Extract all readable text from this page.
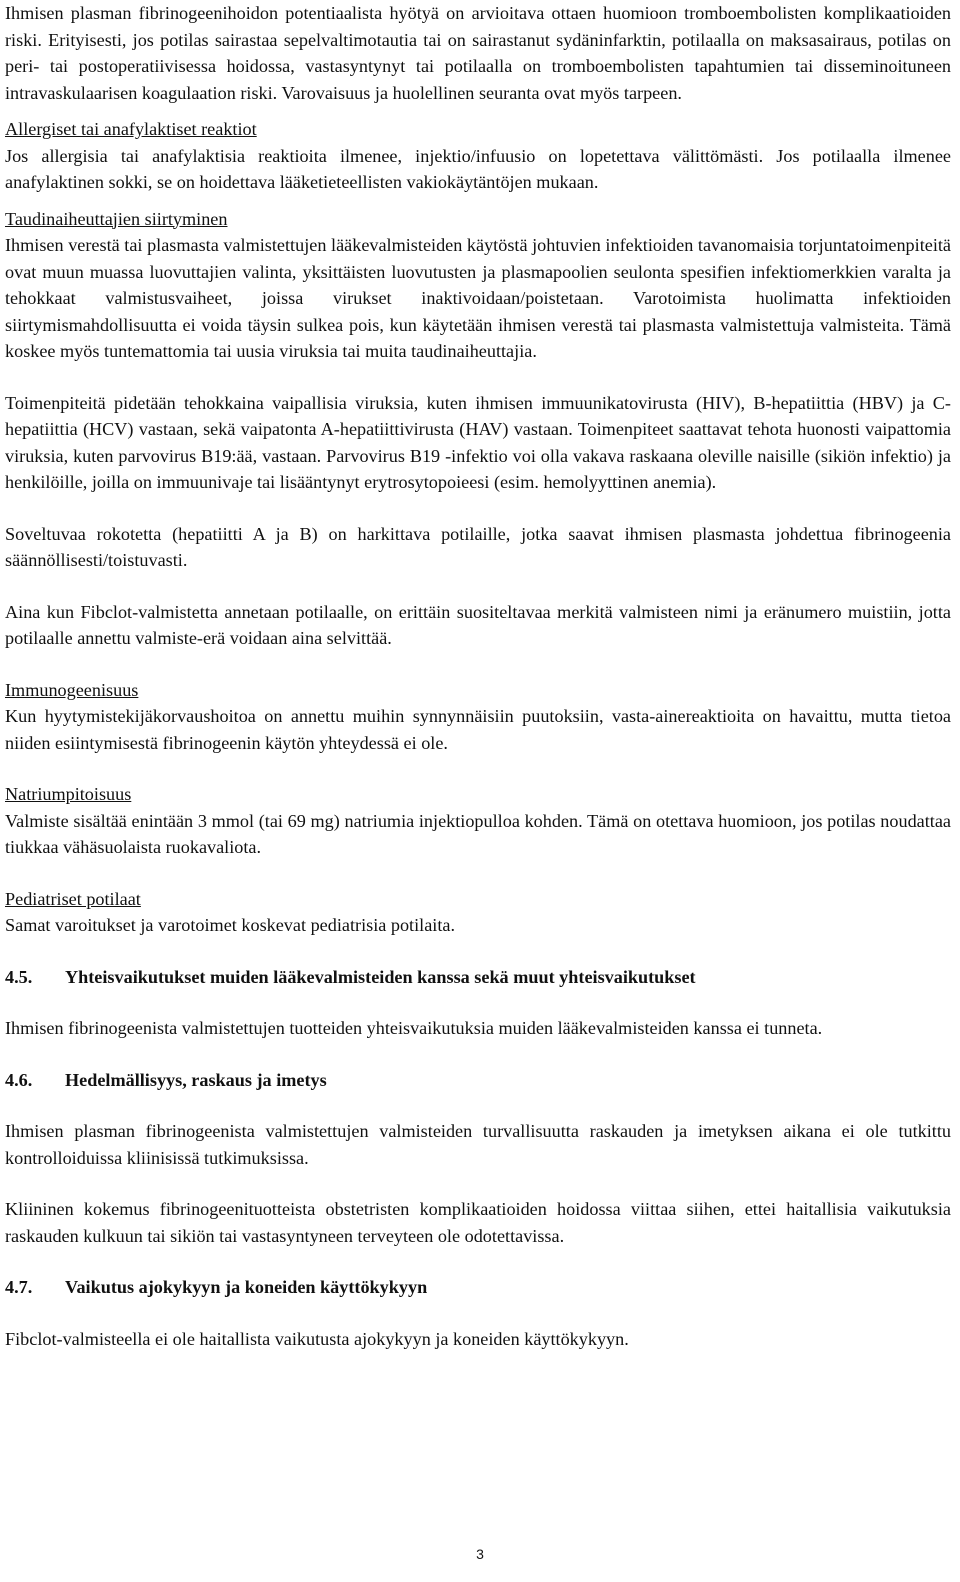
Ihmisen plasman fibrinogeenihoidon potentiaalista hyötyä on arvioitava ottaen huomioon tromboembolisten komplikaatioiden riski. Erityisesti, jos potilas sairastaa sepelvaltimotautia tai on sairastanut sydäninfarktin, potilaalla on maksasairaus, potilas on peri- tai postoperatiivisessa hoidossa, vastasyntynyt tai potilaalla on tromboembolisten tapahtumien tai disseminoituneen intravaskulaarisen koagulaation riski. Varovaisuus ja huolellinen seuranta ovat myös tarpeen.

Allergiset tai anafylaktiset reaktiot

Jos allergisia tai anafylaktisia reaktioita ilmenee, injektio/infuusio on lopetettava välittömästi. Jos potilaalla ilmenee anafylaktinen sokki, se on hoidettava lääketieteellisten vakiokäytäntöjen mukaan.

Taudinaiheuttajien siirtyminen

Ihmisen verestä tai plasmasta valmistettujen lääkevalmisteiden käytöstä johtuvien infektioiden tavanomaisia torjuntatoimenpiteitä ovat muun muassa luovuttajien valinta, yksittäisten luovutusten ja plasmapoolien seulonta spesifien infektiomerkkien varalta ja tehokkaat valmistusvaiheet, joissa virukset inaktivoidaan/poistetaan. Varotoimista huolimatta infektioiden siirtymismahdollisuutta ei voida täysin sulkea pois, kun käytetään ihmisen verestä tai plasmasta valmistettuja valmisteita. Tämä koskee myös tuntemattomia tai uusia viruksia tai muita taudinaiheuttajia.

Toimenpiteitä pidetään tehokkaina vaipallisia viruksia, kuten ihmisen immuunikatovirusta (HIV), B-hepatiittia (HBV) ja C-hepatiittia (HCV) vastaan, sekä vaipatonta A-hepatiittivirusta (HAV) vastaan. Toimenpiteet saattavat tehota huonosti vaipattomia viruksia, kuten parvovirus B19:ää, vastaan. Parvovirus B19 -infektio voi olla vakava raskaana oleville naisille (sikiön infektio) ja henkilöille, joilla on immuunivaje tai lisääntynyt erytrosytopoieesi (esim. hemolyyttinen anemia).

Soveltuvaa rokotetta (hepatiitti A ja B) on harkittava potilaille, jotka saavat ihmisen plasmasta johdettua fibrinogeenia säännöllisesti/toistuvasti.

Aina kun Fibclot-valmistetta annetaan potilaalle, on erittäin suositeltavaa merkitä valmisteen nimi ja eränumero muistiin, jotta potilaalle annettu valmiste-erä voidaan aina selvittää.

Immunogeenisuus

Kun hyytymistekijäkorvaushoitoa on annettu muihin synnynnäisiin puutoksiin, vasta-ainereaktioita on havaittu, mutta tietoa niiden esiintymisestä fibrinogeenin käytön yhteydessä ei ole.

Natriumpitoisuus

Valmiste sisältää enintään 3 mmol (tai 69 mg) natriumia injektiopulloa kohden. Tämä on otettava huomioon, jos potilas noudattaa tiukkaa vähäsuolaista ruokavaliota.

Pediatriset potilaat

Samat varoitukset ja varotoimet koskevat pediatrisia potilaita.

4.5.	Yhteisvaikutukset muiden lääkevalmisteiden kanssa sekä muut yhteisvaikutukset

Ihmisen fibrinogeenista valmistettujen tuotteiden yhteisvaikutuksia muiden lääkevalmisteiden kanssa ei tunneta.

4.6.	Hedelmällisyys, raskaus ja imetys

Ihmisen plasman fibrinogeenista valmistettujen valmisteiden turvallisuutta raskauden ja imetyksen aikana ei ole tutkittu kontrolloiduissa kliinisissä tutkimuksissa.

Kliininen kokemus fibrinogeenituotteista obstetristen komplikaatioiden hoidossa viittaa siihen, ettei haitallisia vaikutuksia raskauden kulkuun tai sikiön tai vastasyntyneen terveyteen ole odotettavissa.

4.7.	Vaikutus ajokykyyn ja koneiden käyttökykyyn

Fibclot-valmisteella ei ole haitallista vaikutusta ajokykyyn ja koneiden käyttökykyyn.

3
